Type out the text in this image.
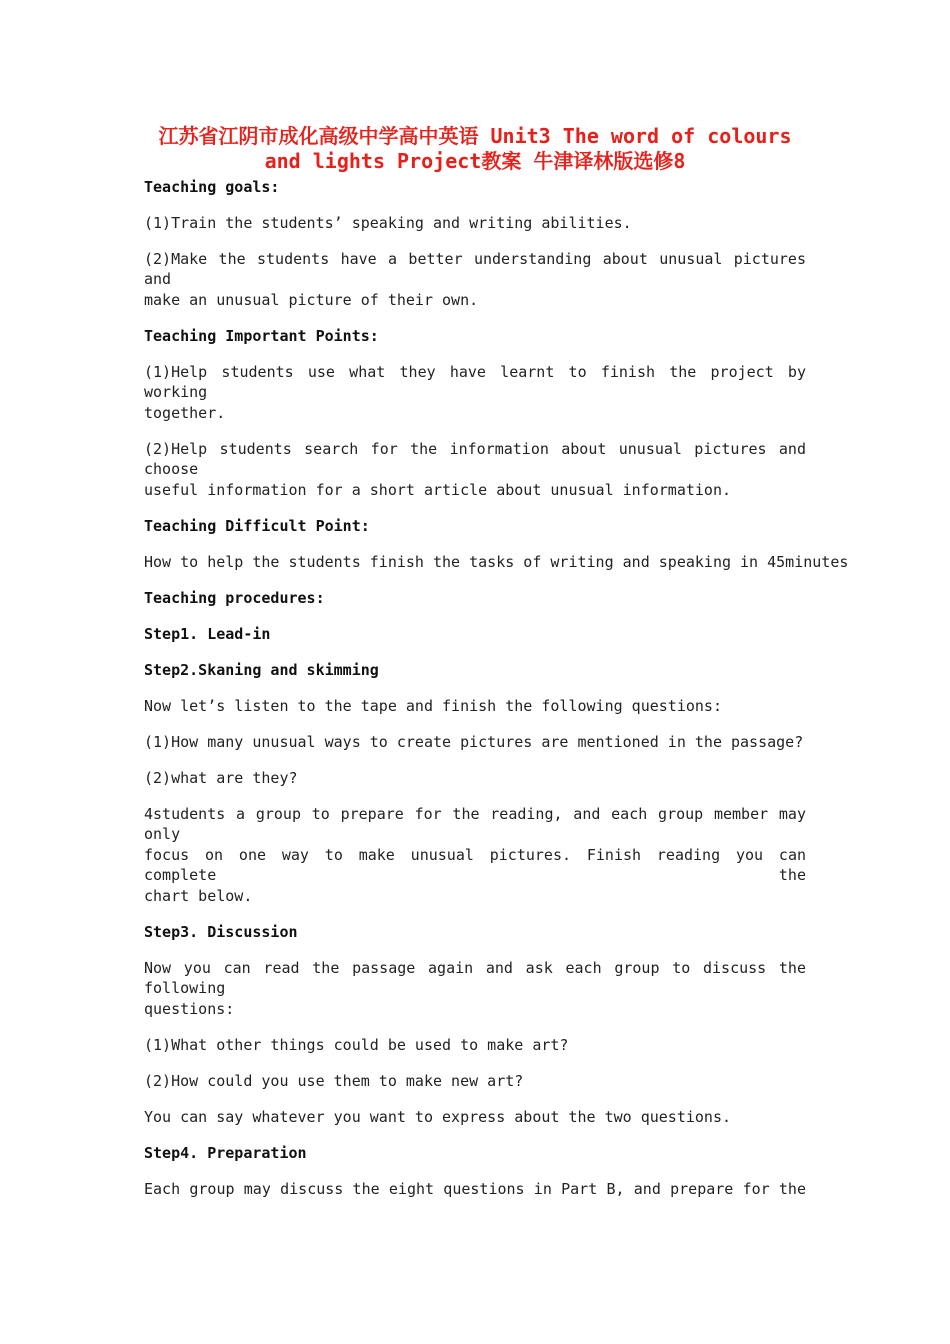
江苏省江阴市成化高级中学高中英语 Unit3 The word of colours
and lights Project教案 牛津译林版选修8
Teaching goals:
(1)Train the students’ speaking and writing abilities.
(2)Make the students have a better understanding about unusual pictures and
make an unusual picture of their own.
Teaching Important Points:
(1)Help students use what they have learnt to finish the project by working
together.
(2)Help students search for the information about unusual pictures and choose
useful information for a short article about unusual information.
Teaching Difficult Point:
How to help the students finish the tasks of writing and speaking in 45minutes
Teaching procedures:
Step1. Lead-in
Step2.Skaning and skimming
Now let’s listen to the tape and finish the following questions:
(1)How many unusual ways to create pictures are mentioned in the passage?
(2)what are they?
4students a group to prepare for the reading, and each group member may only
focus on one way to make unusual pictures. Finish reading you can complete the
chart below.
Step3. Discussion
Now you can read the passage again and ask each group to discuss the following
questions:
(1)What other things could be used to make art?
(2)How could you use them to make new art?
You can say whatever you want to express about the two questions.
Step4. Preparation
Each group may discuss the eight questions in Part B, and prepare for the
